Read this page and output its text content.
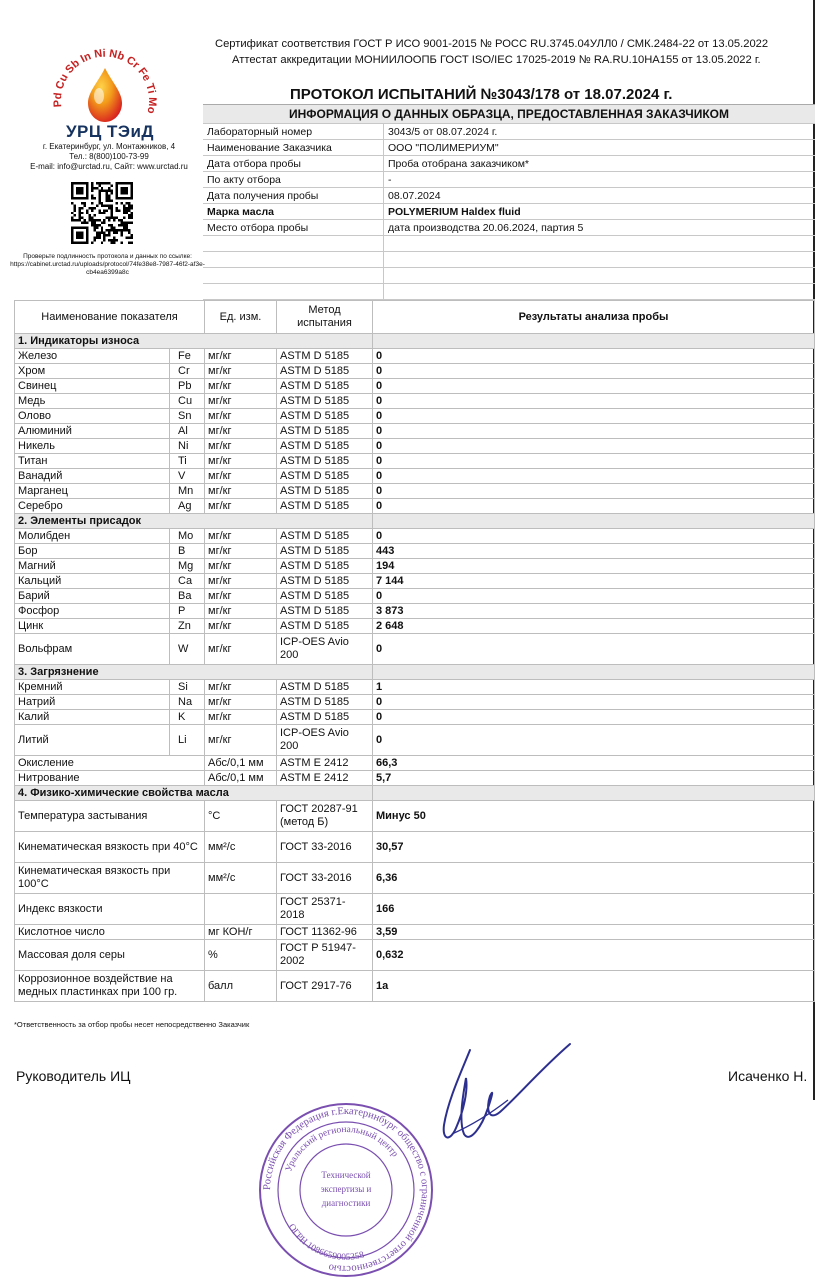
Pd Cu Sb In Ni Nb Cr Fe Ti Mo
УРЦ ТЭиД
г. Екатеринбург, ул. Монтажников, 4
Тел.: 8(800)100-73-99
E-mail: info@urctad.ru, Сайт: www.urctad.ru
Проверьте подлинность протокола и данных по ссылке:
https://cabinet.urctad.ru/uploads/protocol/74fe38e8-7987-46f2-af3e-cb4ea6399a8c
Сертификат соответствия ГОСТ Р ИСО 9001-2015 № РОСС RU.3745.04УЛЛ0 / СМК.2484-22 от 13.05.2022
Аттестат аккредитации МОНИИЛООПБ ГОСТ ISO/IEC 17025-2019 № RA.RU.10НА155 от 13.05.2022 г.
ПРОТОКОЛ ИСПЫТАНИЙ №3043/178 от 18.07.2024 г.
ИНФОРМАЦИЯ О ДАННЫХ ОБРАЗЦА, ПРЕДОСТАВЛЕННАЯ ЗАКАЗЧИКОМ	
Лабораторный номер	3043/5 от 08.07.2024 г.
Наименование Заказчика	ООО "ПОЛИМЕРИУМ"
Дата отбора пробы	Проба отобрана заказчиком*
По акту отбора	-
Дата получения пробы	08.07.2024
Марка масла	POLYMERIUM Haldex fluid
Место отбора пробы	дата производства 20.06.2024, партия 5

Наименование показателя		Ед. изм.	Метод испытания	Результаты анализа пробы
1. Индикаторы износа				
Железо	Fe	мг/кг	ASTM D 5185	0
Хром	Cr	мг/кг	ASTM D 5185	0
Свинец	Pb	мг/кг	ASTM D 5185	0
Медь	Cu	мг/кг	ASTM D 5185	0
Олово	Sn	мг/кг	ASTM D 5185	0
Алюминий	Al	мг/кг	ASTM D 5185	0
Никель	Ni	мг/кг	ASTM D 5185	0
Титан	Ti	мг/кг	ASTM D 5185	0
Ванадий	V	мг/кг	ASTM D 5185	0
Марганец	Mn	мг/кг	ASTM D 5185	0
Серебро	Ag	мг/кг	ASTM D 5185	0
2. Элементы присадок				
Молибден	Mo	мг/кг	ASTM D 5185	0
Бор	B	мг/кг	ASTM D 5185	443
Магний	Mg	мг/кг	ASTM D 5185	194
Кальций	Ca	мг/кг	ASTM D 5185	7 144
Барий	Ba	мг/кг	ASTM D 5185	0
Фосфор	P	мг/кг	ASTM D 5185	3 873
Цинк	Zn	мг/кг	ASTM D 5185	2 648
Вольфрам	W	мг/кг	ICP-OES Avio 200	0
3. Загрязнение				
Кремний	Si	мг/кг	ASTM D 5185	1
Натрий	Na	мг/кг	ASTM D 5185	0
Калий	K	мг/кг	ASTM D 5185	0
Литий	Li	мг/кг	ICP-OES Avio 200	0
Окисление		Абс/0,1 мм	ASTM E 2412	66,3
Нитрование		Абс/0,1 мм	ASTM E 2412	5,7
4. Физико-химические свойства масла				
Температура застывания		°С	ГОСТ 20287-91 (метод Б)	Минус 50
Кинематическая вязкость при 40°С		мм²/с	ГОСТ 33-2016	30,57
Кинематическая вязкость при 100°С		мм²/с	ГОСТ 33-2016	6,36
Индекс вязкости			ГОСТ 25371-2018	166
Кислотное число		мг КОН/г	ГОСТ 11362-96	3,59
Массовая доля серы		%	ГОСТ Р 51947-2002	0,632
Коррозионное воздействие на медных пластинках при 100 гр.		балл	ГОСТ 2917-76	1а
*Ответственность за отбор пробы несет непосредственно Заказчик
Руководитель ИЦ	Исаченко Н.
Российская Федерация г.Екатеринбург общество с ограниченной ответственностью
Уральский региональный центр
ОГРН 1086659005358
Технической
экспертизы и
диагностики
